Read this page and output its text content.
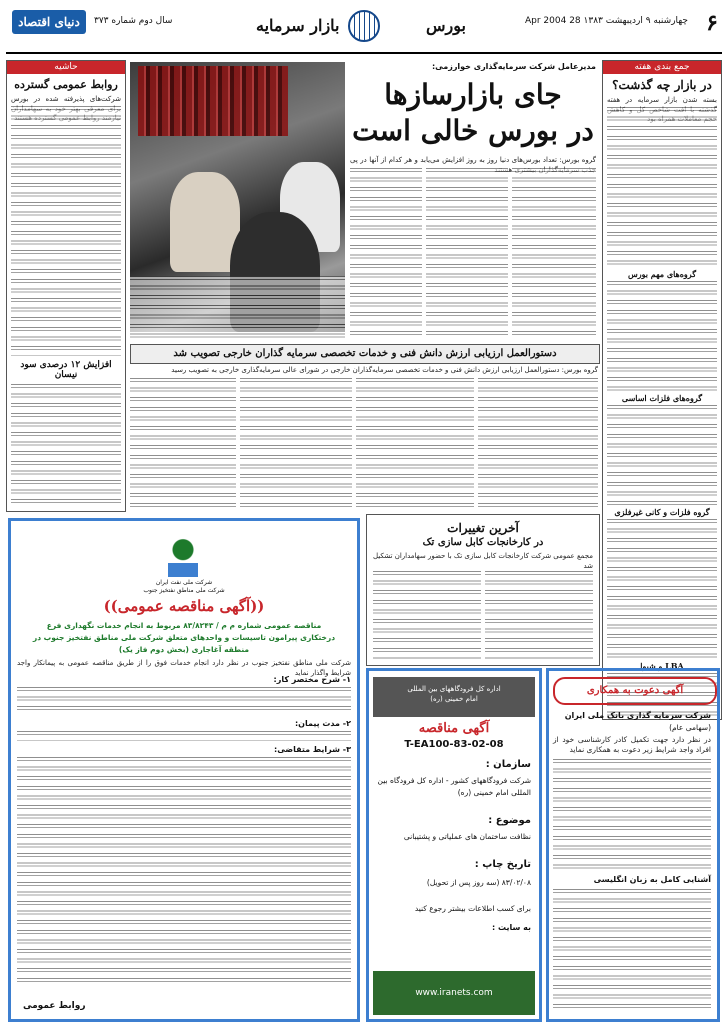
۶
چهارشنبه ۹ اردیبهشت ۱۳۸۳ 28 Apr 2004
بورس
بازار سرمایه
سال دوم شماره ۳۷۳
دنیای اقتصاد
جمع بندی هفته
در بازار چه گذشت؟
بسته شدن بازار سرمایه در هفته
گروه‌های مهم بورس
گروه‌های فلزات اساسی
گروه فلزات و کانی غیرفلزی
LBA و شیوا
حاشیه
روابط عمومی گسترده
شرکت‌های پذیرفته شده در بورس
افزایش ۱۲ درصدی سود نیسان
مدیرعامل شرکت سرمایه‌گذاری خوارزمی:
جای بازارسازها
در بورس خالی است
گروه بورس: تعداد بورس‌های دنیا روز به روز افزایش می‌یابد و هر کدام از آنها در پی
دستورالعمل ارزیابی ارزش دانش فنی و خدمات تخصصی سرمایه گذاران خارجی تصویب شد
گروه بورس: دستورالعمل ارزیابی ارزش دانش فنی و خدمات تخصصی سرمایه‌گذاران خارجی در شورای عالی سرمایه‌گذاری خارجی به تصویب رسید
آخرین تغییرات
در کارخانجات کابل سازی تک
مجمع عمومی شرکت کارخانجات کابل سازی تک با حضور سهامداران تشکیل شد
شرکت ملی نفت ایران
شرکت ملی مناطق نفتخیز جنوب
((آگهی مناقصه عمومی))
مناقصه عمومی شماره م م / ۸۳/۸۲۴۳ مربوط به انجام خدمات نگهداری فرع
درختکاری پیرامون تاسیسات و واحدهای متعلق شرکت ملی مناطق نفتخیز جنوب در
منطقه آغاجاری (بخش دوم فاز یک)
شرکت ملی مناطق نفتخیز جنوب در نظر دارد انجام خدمات فوق را از طریق مناقصه عمومی به پیمانکار واجد شرایط واگذار نماید
۱- شرح مختصر کار:
۲- مدت پیمان:
۳- شرایط متقاضی:
روابط عمومی
اداره کل فرودگاههای بین المللی
امام خمینی (ره)
آگهی مناقصه
T-EA100-83-02-08
سازمان :
شرکت فرودگاههای کشور - اداره کل فرودگاه بین المللی امام خمینی (ره)
موضوع :
نظافت ساختمان های عملیاتی و پشتیبانی
تاریخ چاپ :
۸۳/۰۲/۰۸ (سه روز پس از تحویل)
برای کسب اطلاعات بیشتر رجوع کنید
به سایت :
www.iranets.com
آگهی دعوت به همکاری
شرکت سرمایه گذاری بانک ملی ایران
(سهامی عام)
در نظر دارد جهت تکمیل کادر کارشناسی خود از افراد واجد شرایط زیر دعوت به همکاری نماید
آشنایی کامل به زبان انگلیسی
